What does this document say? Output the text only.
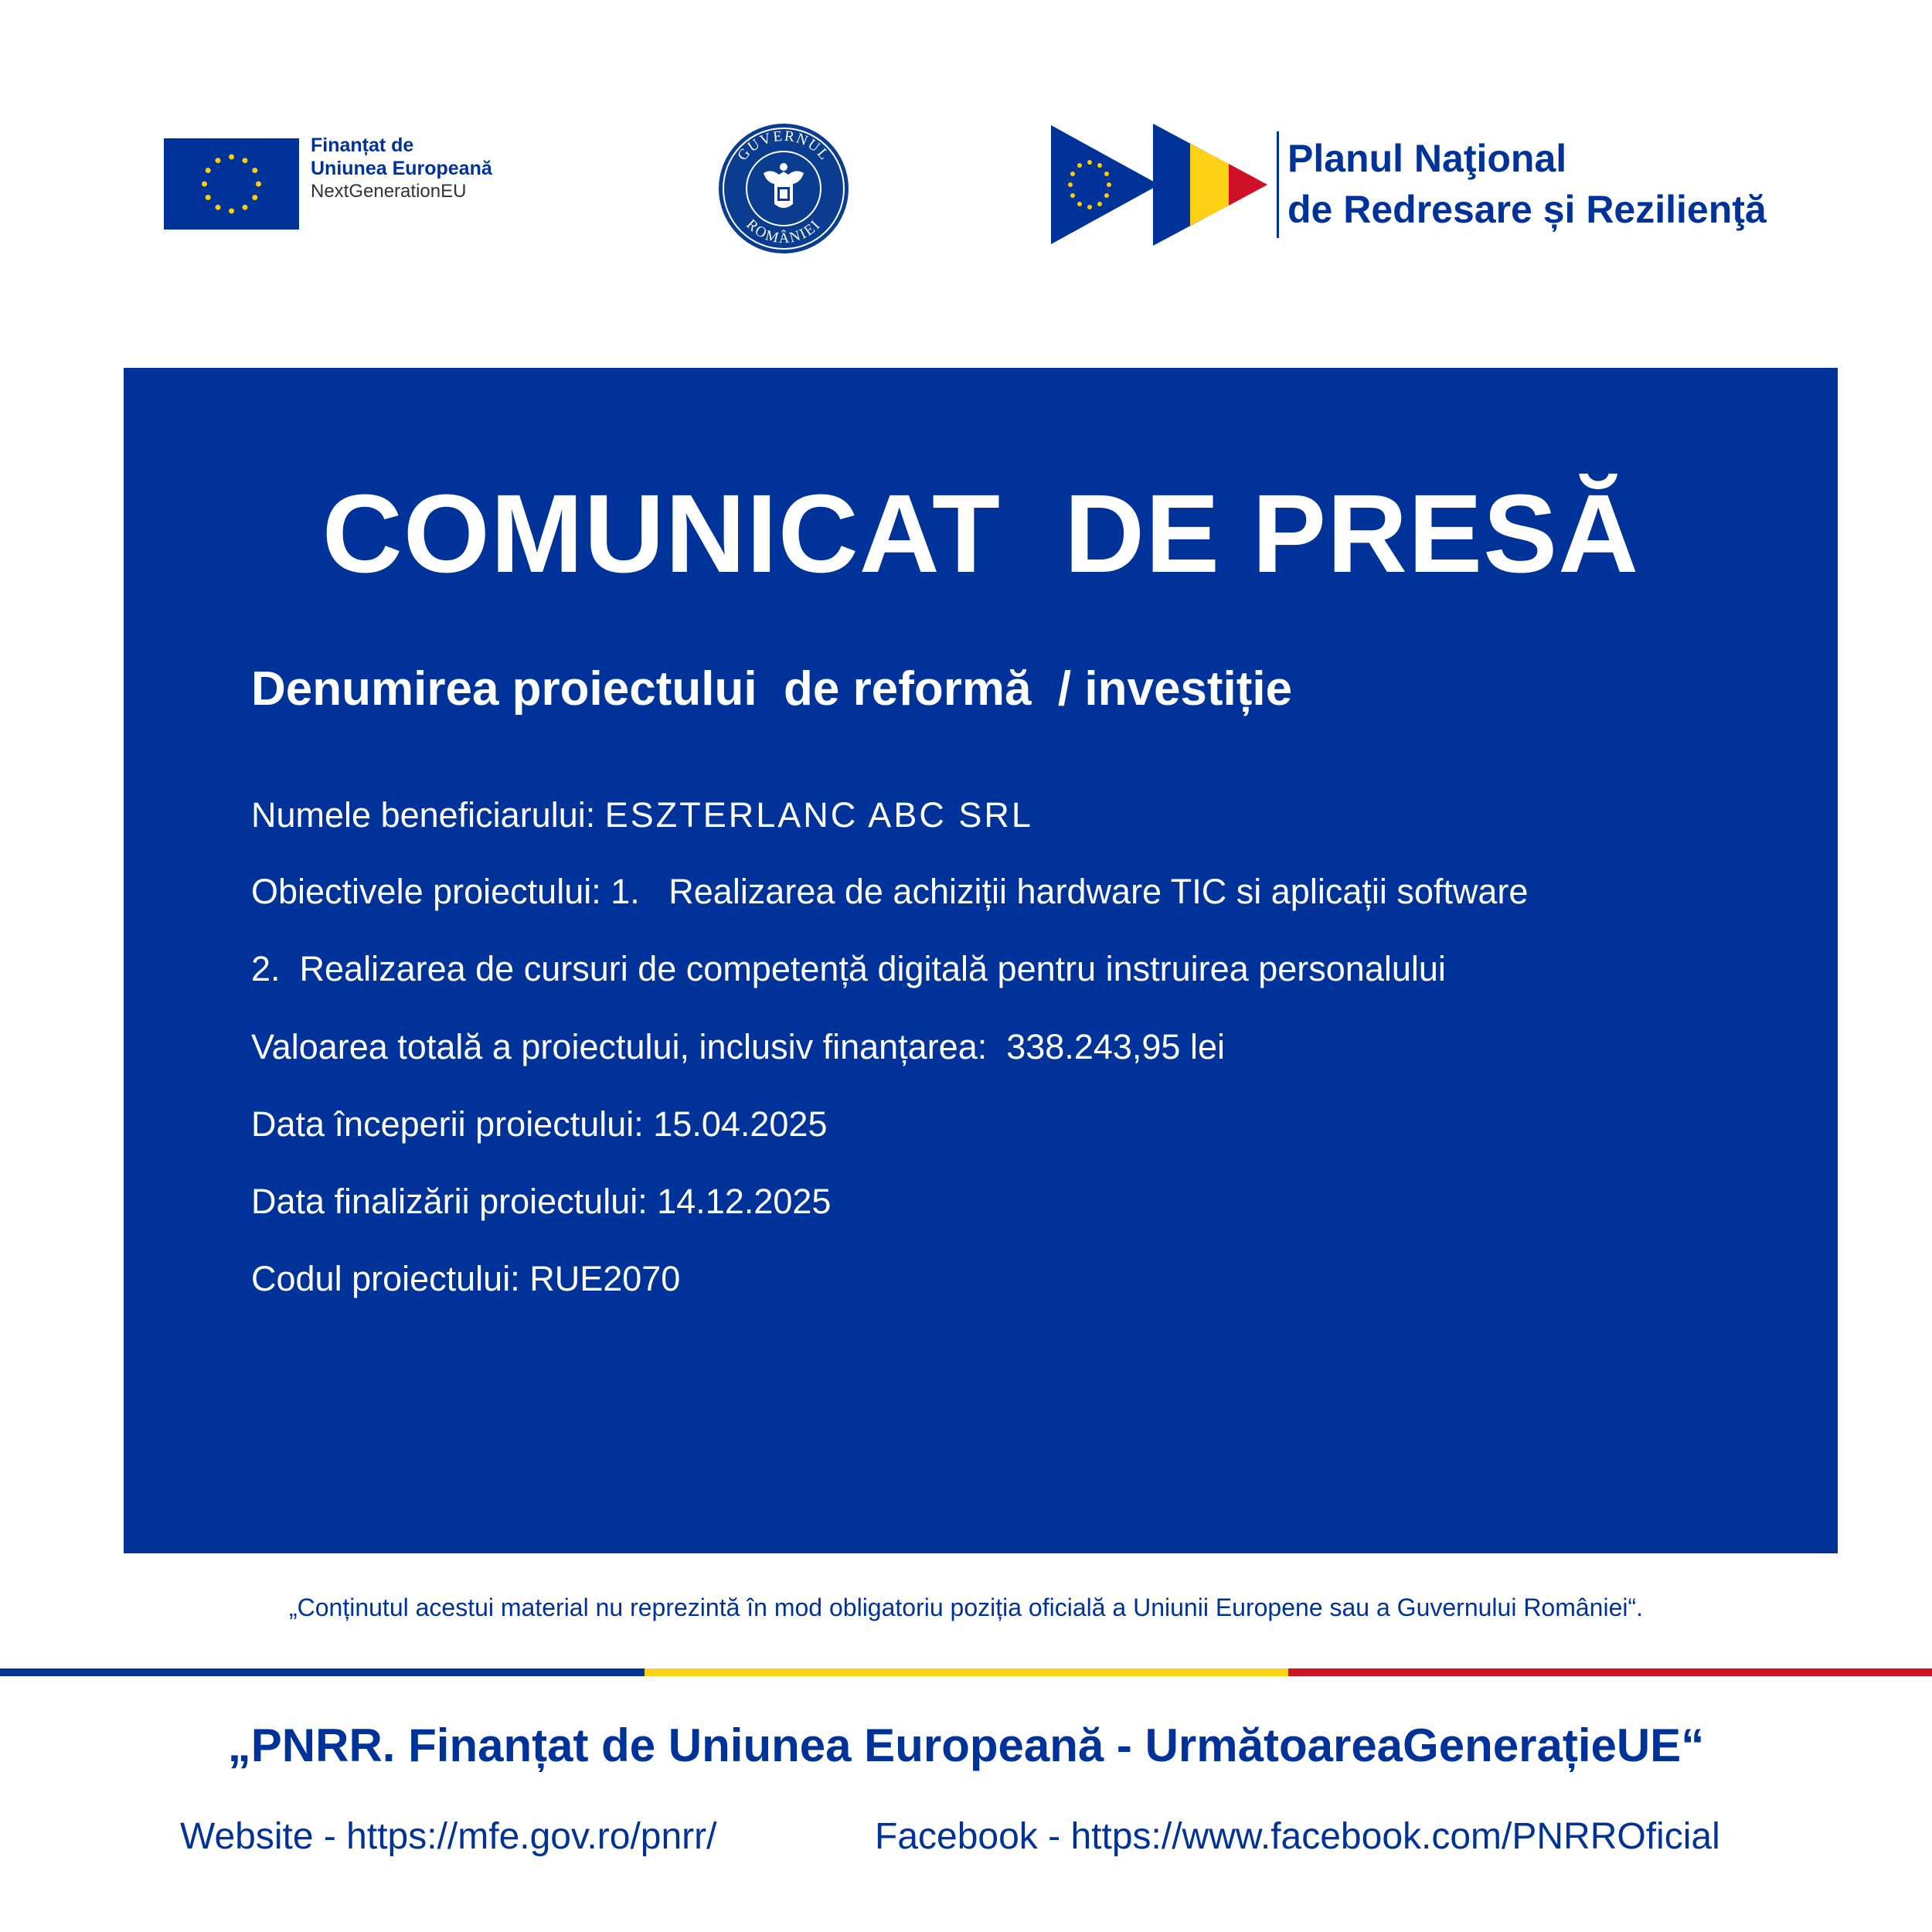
Finanțat de
Uniunea Europeană
NextGenerationEU
GUVERNUL
ROMÂNIEI
Planul Naţional
de Redresare și Rezilienţă
COMUNICAT  DE PRESĂ
Denumirea proiectului  de reformă  / investiție
Numele beneficiarului: ESZTERLANC ABC SRL
Obiectivele proiectului: 1.   Realizarea de achiziții hardware TIC si aplicații software
2.  Realizarea de cursuri de competență digitală pentru instruirea personalului
Valoarea totală a proiectului, inclusiv finanțarea:  338.243,95 lei
Data începerii proiectului: 15.04.2025
Data finalizării proiectului: 14.12.2025
Codul proiectului: RUE2070
„Conținutul acestui material nu reprezintă în mod obligatoriu poziția oficială a Uniunii Europene sau a Guvernului României“.
„PNRR. Finanțat de Uniunea Europeană - UrmătoareaGenerațieUE“
Website - https://mfe.gov.ro/pnrr/	Facebook - https://www.facebook.com/PNRROficial
